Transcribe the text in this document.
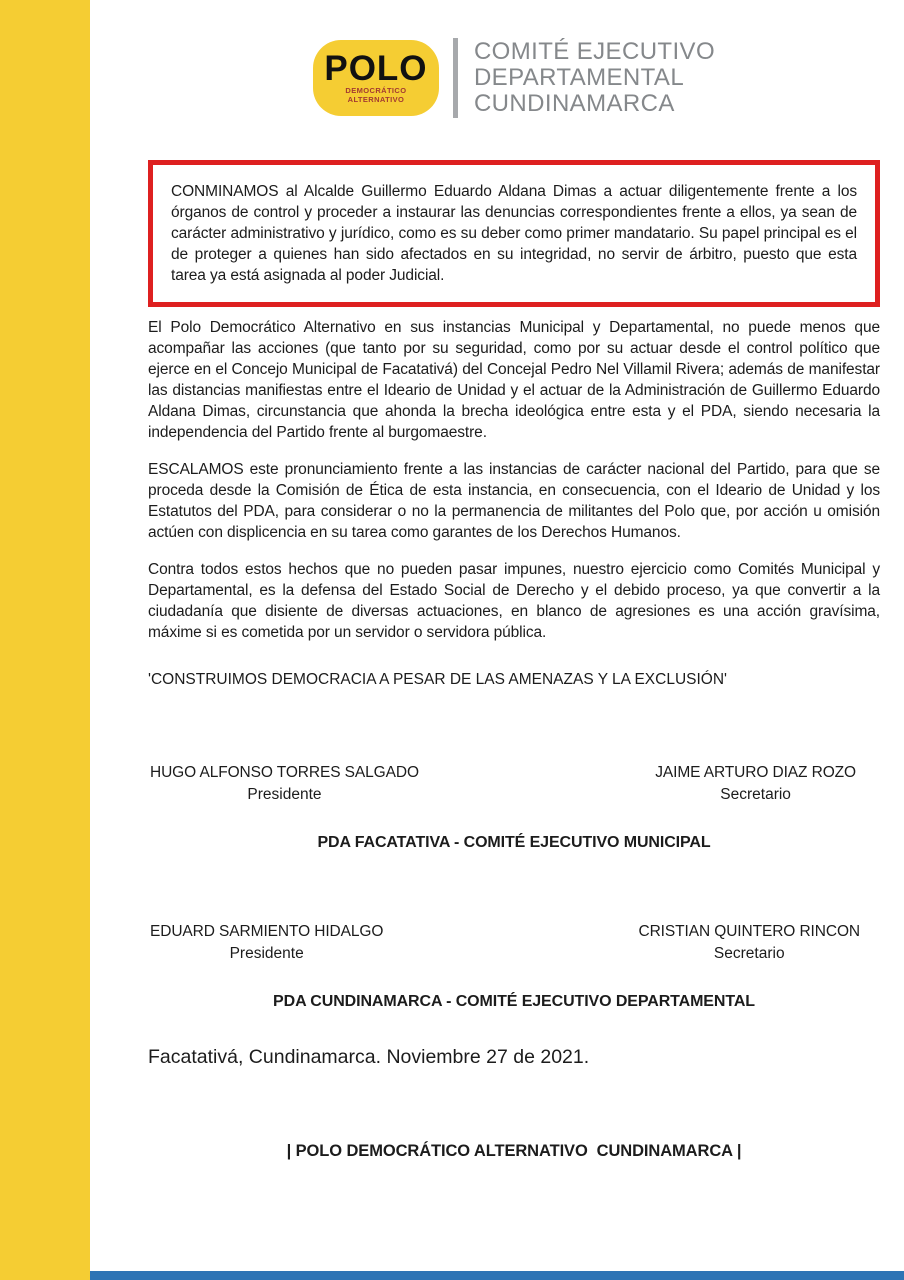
POLO
DEMOCRÁTICO
ALTERNATIVO
COMITÉ EJECUTIVO
DEPARTAMENTAL
CUNDINAMARCA
CONMINAMOS al Alcalde Guillermo Eduardo Aldana Dimas a actuar diligentemente frente a los órganos de control y proceder a instaurar las denuncias correspondientes frente a ellos, ya sean de carácter administrativo y jurídico, como es su deber como primer mandatario. Su papel principal es el de proteger a quienes han sido afectados en su integridad, no servir de árbitro, puesto que esta tarea ya está asignada al poder Judicial.

El Polo Democrático Alternativo en sus instancias Municipal y Departamental, no puede menos que acompañar las acciones (que tanto por su seguridad, como por su actuar desde el control político que ejerce en el Concejo Municipal de Facatativá) del Concejal Pedro Nel Villamil Rivera; además de manifestar las distancias manifiestas entre el Ideario de Unidad y el actuar de la Administración de Guillermo Eduardo Aldana Dimas, circunstancia que ahonda la brecha ideológica entre esta y el PDA, siendo necesaria la independencia del Partido frente al burgomaestre.

ESCALAMOS este pronunciamiento frente a las instancias de carácter nacional del Partido, para que se proceda desde la Comisión de Ética de esta instancia, en consecuencia, con el Ideario de Unidad y los Estatutos del PDA, para considerar o no la permanencia de militantes del Polo que, por acción u omisión actúen con displicencia en su tarea como garantes de los Derechos Humanos.

Contra todos estos hechos que no pueden pasar impunes, nuestro ejercicio como Comités Municipal y Departamental, es la defensa del Estado Social de Derecho y el debido proceso, ya que convertir a la ciudadanía que disiente de diversas actuaciones, en blanco de agresiones es una acción gravísima, máxime si es cometida por un servidor o servidora pública.

'CONSTRUIMOS DEMOCRACIA A PESAR DE LAS AMENAZAS Y LA EXCLUSIÓN'
HUGO ALFONSO TORRES SALGADO
Presidente
JAIME ARTURO DIAZ ROZO
Secretario
PDA FACATATIVA - COMITÉ EJECUTIVO MUNICIPAL
EDUARD SARMIENTO HIDALGO
Presidente
CRISTIAN QUINTERO RINCON
Secretario
PDA CUNDINAMARCA - COMITÉ EJECUTIVO DEPARTAMENTAL
Facatativá, Cundinamarca. Noviembre 27 de 2021.
| POLO DEMOCRÁTICO ALTERNATIVO  CUNDINAMARCA |
